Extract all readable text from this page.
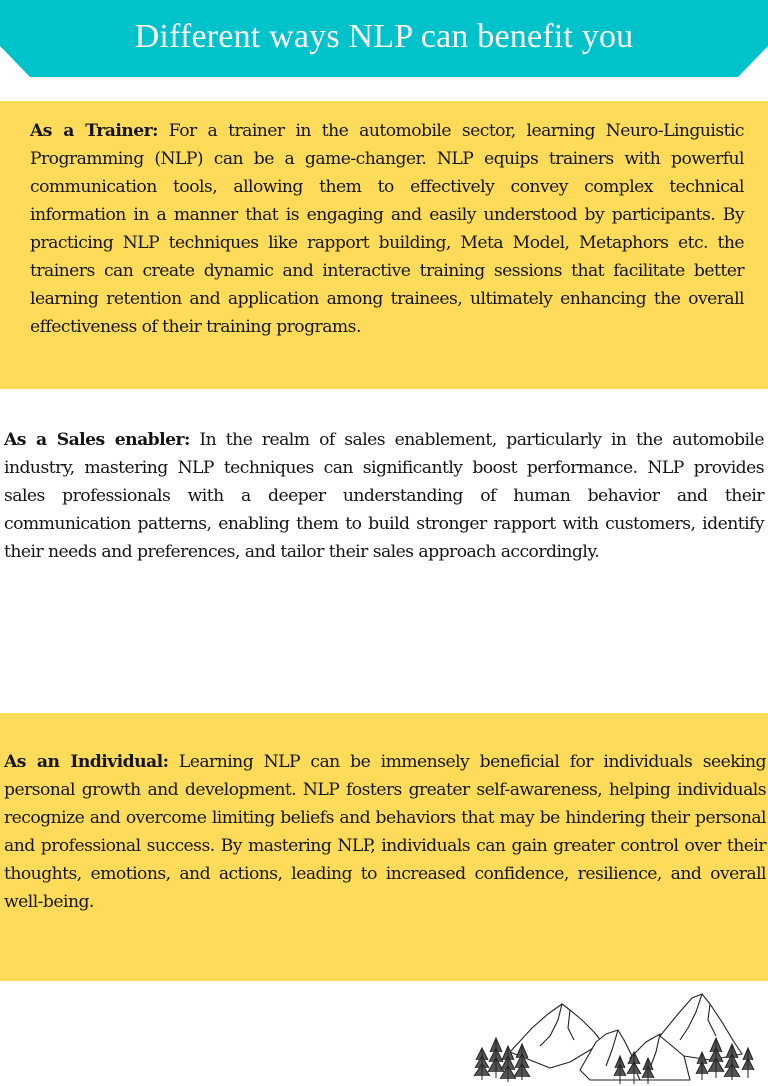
Different ways NLP can benefit you
As a Trainer: For a trainer in the automobile sector, learning Neuro-Linguistic Programming (NLP) can be a game-changer. NLP equips trainers with powerful communication tools, allowing them to effectively convey complex technical information in a manner that is engaging and easily understood by participants. By practicing NLP techniques like rapport building, Meta Model, Metaphors etc. the trainers can create dynamic and interactive training sessions that facilitate better learning retention and application among trainees, ultimately enhancing the overall effectiveness of their training programs.
As a Sales enabler: In the realm of sales enablement, particularly in the automobile industry, mastering NLP techniques can significantly boost performance. NLP provides sales professionals with a deeper understanding of human behavior and their communication patterns, enabling them to build stronger rapport with customers, identify their needs and preferences, and tailor their sales approach accordingly.
As an Individual: Learning NLP can be immensely beneficial for individuals seeking personal growth and development. NLP fosters greater self-awareness, helping individuals recognize and overcome limiting beliefs and behaviors that may be hindering their personal and professional success. By mastering NLP, individuals can gain greater control over their thoughts, emotions, and actions, leading to increased confidence, resilience, and overall well-being.
